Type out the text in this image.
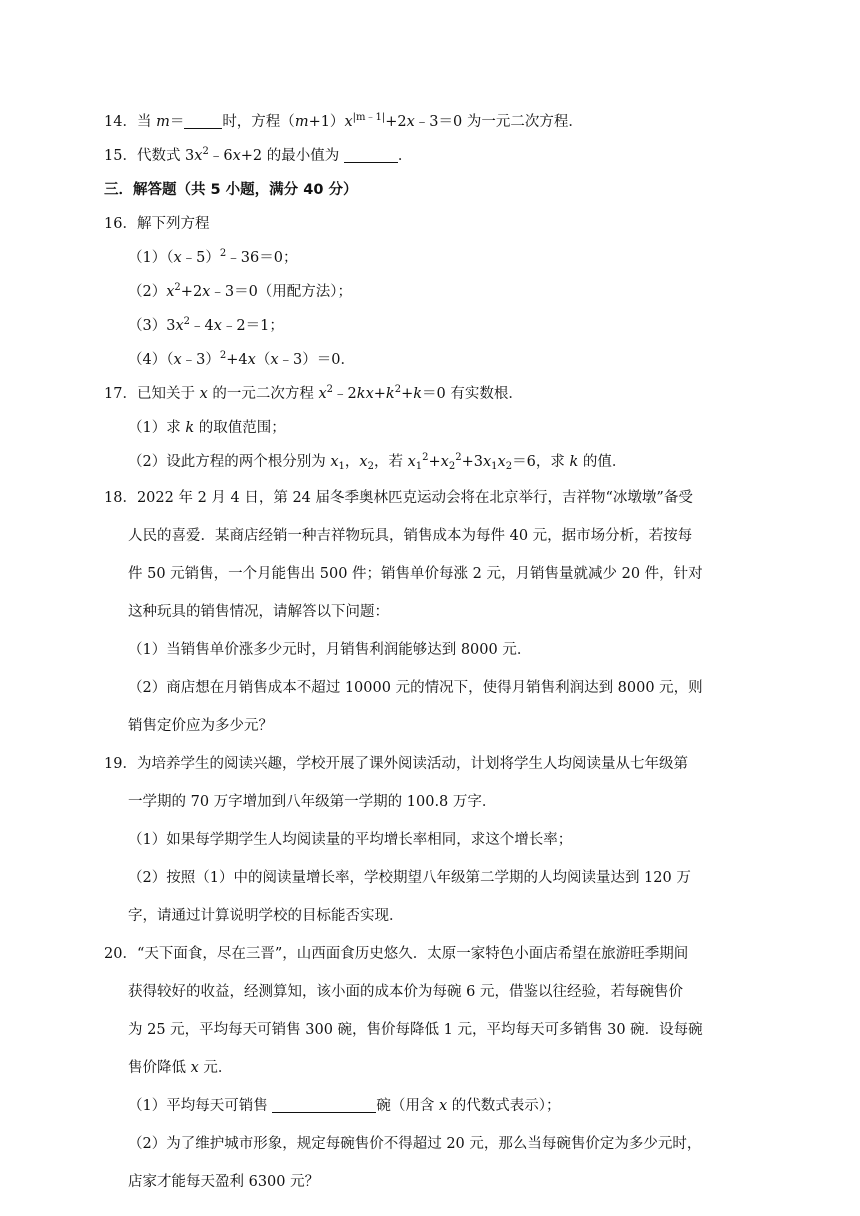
14．当 m＝	时，方程$(m+1)x^{|m﹣1|}+2x﹣3=0$ 为一元二次方程．
15．代数式 $3x^2﹣6x+2$ 的最小值为	．
三．解答题（共 5 小题，满分 40 分）
16．解下列方程
（1）（x﹣5）$^2$﹣36＝0；
$(2)x^2+2x﹣3=0$（用配方法）；
$(3)3x^2﹣4x﹣2=1$；
（4）（x﹣3）$^2$+4x（x﹣3）＝0．
17．已知关于 x 的一元二次方程 $x^2﹣2kx+k^2+k=0$ 有实数根．
（1）求 k 的取值范围；
（2）设此方程的两个根分别为 $x_1$，$x_2$，若 $x_1^2+x_2^2+3x_1x_2=6$，求 k 的值．
18．2022 年 2 月 4 日，第 24 届冬季奥林匹克运动会将在北京举行，吉祥物“冰墩墩”备受
人民的喜爱．某商店经销一种吉祥物玩具，销售成本为每件 40 元，据市场分析，若按每
件 50 元销售，一个月能售出 500 件；销售单价每涨 2 元，月销售量就减少 20 件，针对
这种玩具的销售情况，请解答以下问题：
（1）当销售单价涨多少元时，月销售利润能够达到 8000 元．
（2）商店想在月销售成本不超过 10000 元的情况下，使得月销售利润达到 8000 元，则
销售定价应为多少元？
19．为培养学生的阅读兴趣，学校开展了课外阅读活动，计划将学生人均阅读量从七年级第
一学期的 70 万字增加到八年级第一学期的 100.8 万字．
（1）如果每学期学生人均阅读量的平均增长率相同，求这个增长率；
（2）按照（1）中的阅读量增长率，学校期望八年级第二学期的人均阅读量达到 120 万
字，请通过计算说明学校的目标能否实现．
20．“天下面食，尽在三晋”，山西面食历史悠久．太原一家特色小面店希望在旅游旺季期间
获得较好的收益，经测算知，该小面的成本价为每碗 6 元，借鉴以往经验，若每碗售价
为 25 元，平均每天可销售 300 碗，售价每降低 1 元，平均每天可多销售 30 碗．设每碗
售价降低 x 元．
（1）平均每天可销售	碗（用含 x 的代数式表示）；
（2）为了维护城市形象，规定每碗售价不得超过 20 元，那么当每碗售价定为多少元时，
店家才能每天盈利 6300 元？
